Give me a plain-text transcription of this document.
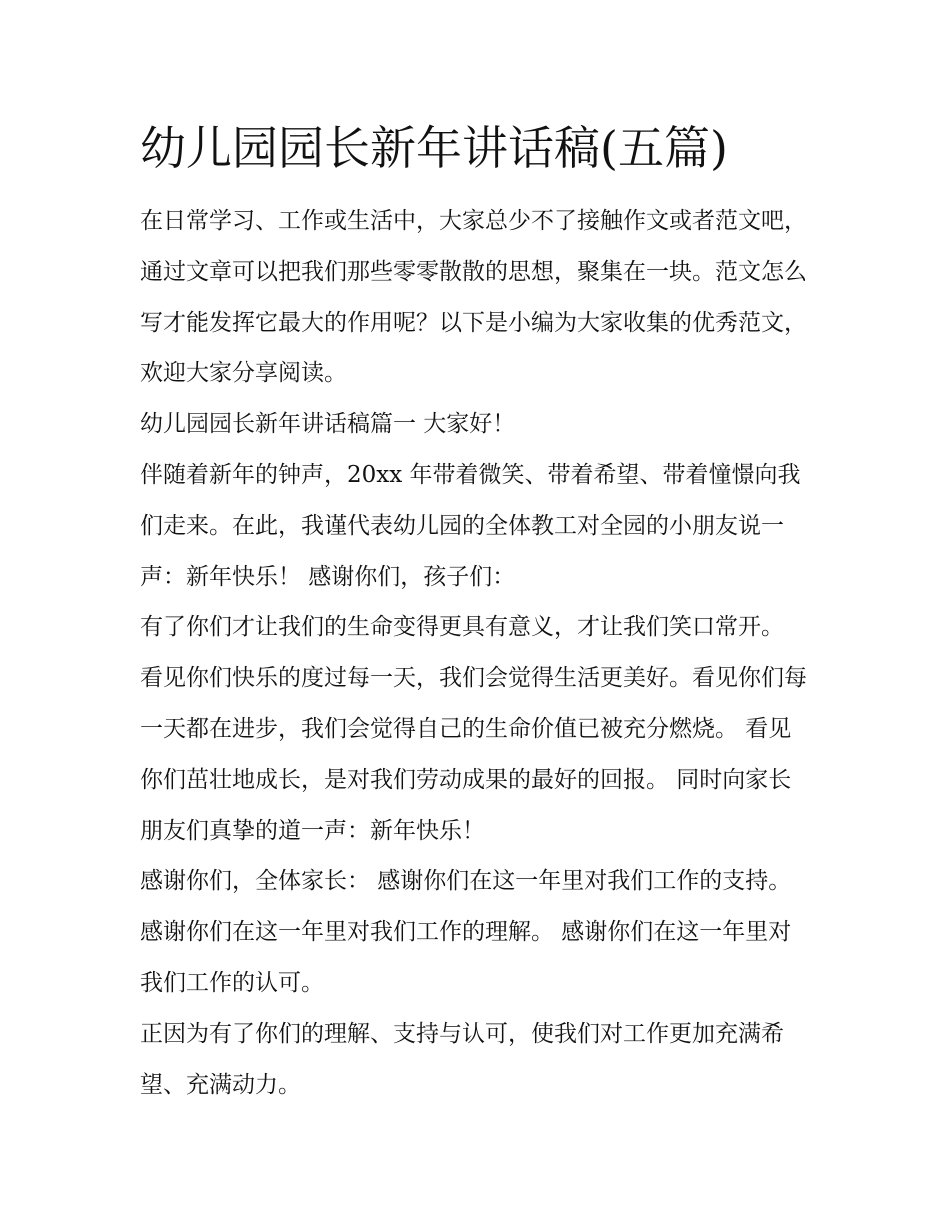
幼儿园园长新年讲话稿(五篇)

在日常学习、工作或生活中，大家总少不了接触作文或者范文吧，通过文章可以把我们那些零零散散的思想，聚集在一块。范文怎么写才能发挥它最大的作用呢？以下是小编为大家收集的优秀范文，欢迎大家分享阅读。

幼儿园园长新年讲话稿篇一 大家好！

伴随着新年的钟声，20xx 年带着微笑、带着希望、带着憧憬向我们走来。在此，我谨代表幼儿园的全体教工对全园的小朋友说一声：新年快乐！ 感谢你们，孩子们：

有了你们才让我们的生命变得更具有意义，才让我们笑口常开。 看见你们快乐的度过每一天，我们会觉得生活更美好。看见你们每一天都在进步，我们会觉得自己的生命价值已被充分燃烧。 看见你们茁壮地成长，是对我们劳动成果的最好的回报。 同时向家长朋友们真挚的道一声：新年快乐！

感谢你们，全体家长： 感谢你们在这一年里对我们工作的支持。 感谢你们在这一年里对我们工作的理解。 感谢你们在这一年里对我们工作的认可。

正因为有了你们的理解、支持与认可，使我们对工作更加充满希望、充满动力。
